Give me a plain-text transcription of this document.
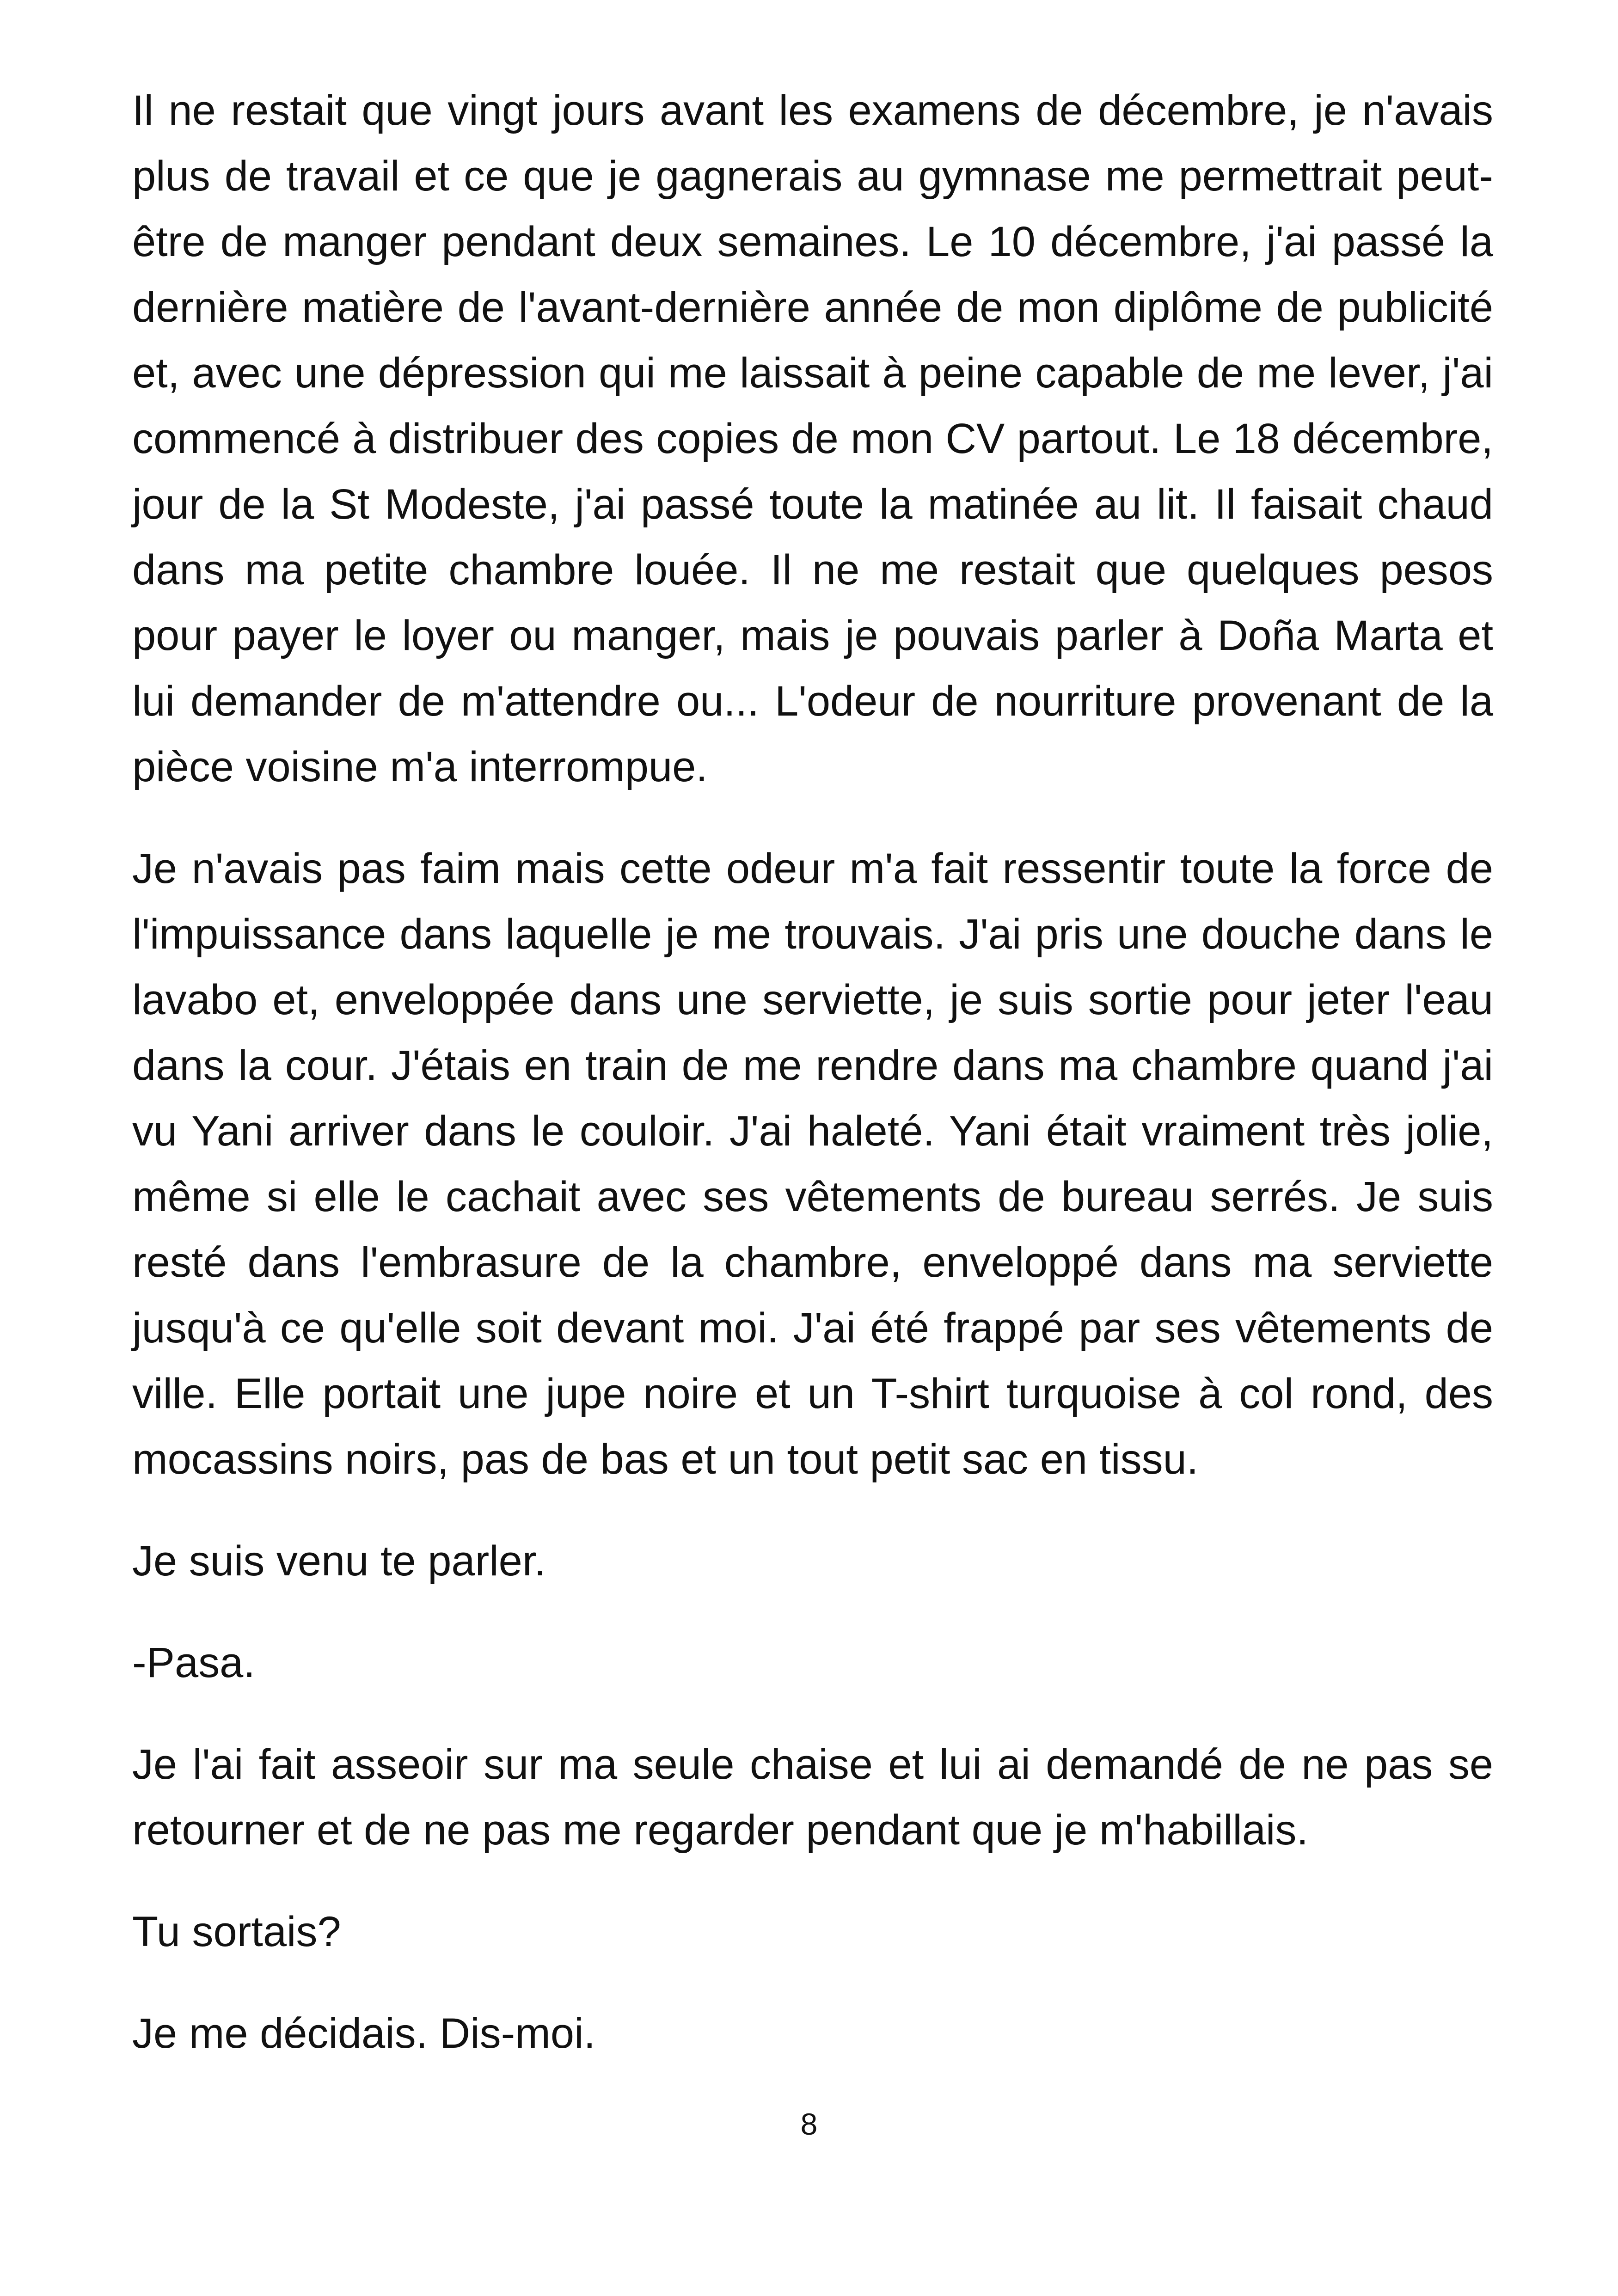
Il ne restait que vingt jours avant les examens de décembre, je n'avais plus de travail et ce que je gagnerais au gymnase me permettrait peut-être de manger pendant deux semaines. Le 10 décembre, j'ai passé la dernière matière de l'avant-dernière année de mon diplôme de publicité et, avec une dépression qui me laissait à peine capable de me lever, j'ai commencé à distribuer des copies de mon CV partout. Le 18 décembre, jour de la St Modeste, j'ai passé toute la matinée au lit. Il faisait chaud dans ma petite chambre louée. Il ne me restait que quelques pesos pour payer le loyer ou manger, mais je pouvais parler à Doña Marta et lui demander de m'attendre ou... L'odeur de nourriture provenant de la pièce voisine m'a interrompue.

Je n'avais pas faim mais cette odeur m'a fait ressentir toute la force de l'impuissance dans laquelle je me trouvais. J'ai pris une douche dans le lavabo et, enveloppée dans une serviette, je suis sortie pour jeter l'eau dans la cour. J'étais en train de me rendre dans ma chambre quand j'ai vu Yani arriver dans le couloir. J'ai haleté. Yani était vraiment très jolie, même si elle le cachait avec ses vêtements de bureau serrés. Je suis resté dans l'embrasure de la chambre, enveloppé dans ma serviette jusqu'à ce qu'elle soit devant moi. J'ai été frappé par ses vêtements de ville. Elle portait une jupe noire et un T-shirt turquoise à col rond, des mocassins noirs, pas de bas et un tout petit sac en tissu.

Je suis venu te parler.

-Pasa.

Je l'ai fait asseoir sur ma seule chaise et lui ai demandé de ne pas se retourner et de ne pas me regarder pendant que je m'habillais.

Tu sortais?

Je me décidais. Dis-moi.

8
